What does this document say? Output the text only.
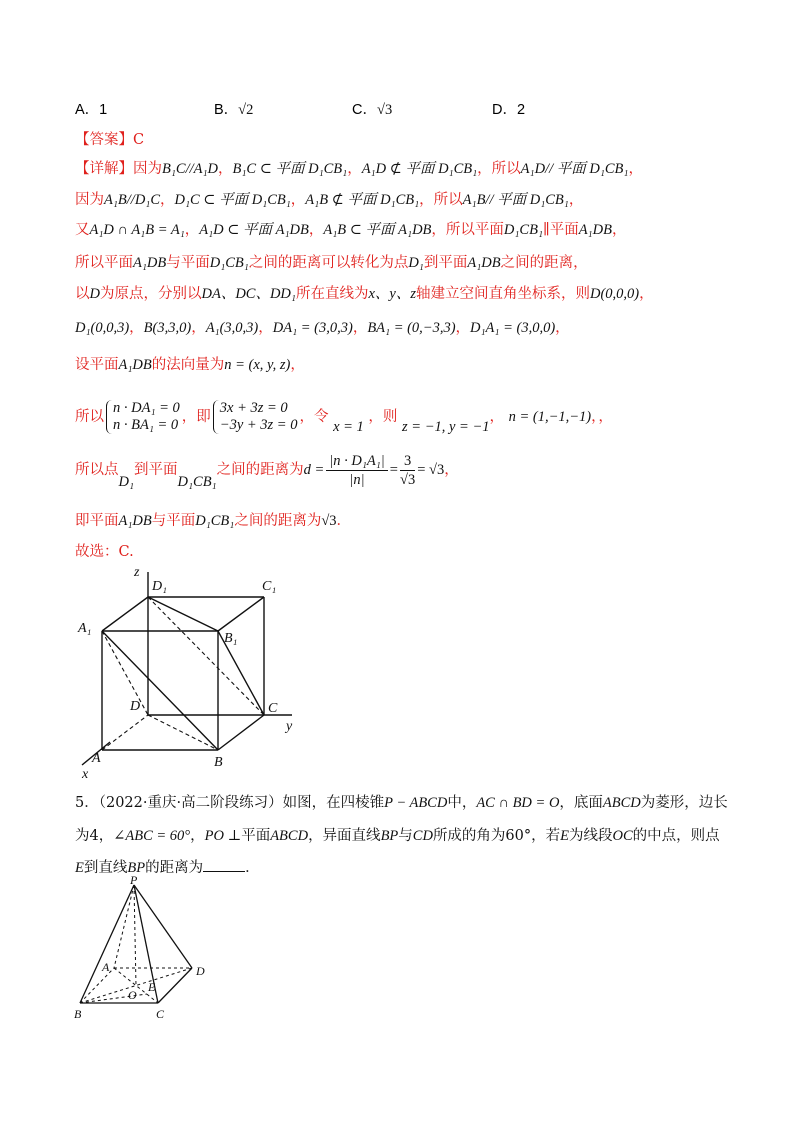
A．1	B．√2	C．√3	D．2
【答案】C
【详解】因为B₁C//A₁D，B₁C ⊂ 平面 D₁CB₁，A₁D ⊄ 平面 D₁CB₁，所以A₁D// 平面 D₁CB₁，
因为A₁B//D₁C，D₁C ⊂ 平面 D₁CB₁，A₁B ⊄ 平面 D₁CB₁，所以A₁B// 平面 D₁CB₁，
又A₁D ∩ A₁B = A₁，A₁D ⊂ 平面 A₁DB，A₁B ⊂ 平面 A₁DB，所以平面D₁CB₁∥平面A₁DB，
所以平面A₁DB与平面D₁CB₁之间的距离可以转化为点D₁到平面A₁DB之间的距离，
以D为原点，分别以DA、DC、DD₁所在直线为x、y、z轴建立空间直角坐标系，则D(0,0,0)，
D₁(0,0,3)，B(3,3,0)，A₁(3,0,3)，DA₁ = (3,0,3)，BA₁ = (0,−3,3)，D₁A₁ = (3,0,0)，
设平面A₁DB的法向量为n = (x, y, z)，
所以
n · DA₁ = 0
n · BA₁ = 0 ，即
3x + 3z = 0
−3y + 3z = 0 ，令 x = 1 ，则 z = −1, y = −1， n = (1,−1,−1)，，
所以点D₁到平面D₁CB₁之间的距离为$d = \frac{\text{|n · D₁A₁|}}{|n|} = \frac{3}{√3} = √3$，
即平面A₁DB与平面D₁CB₁之间的距离为√3．
故选：C.
z
D₁	C₁
A₁
B₁
D	C
y
A	B
x
5．（2022·重庆·高二阶段练习）如图，在四棱锥P − ABCD中，AC ∩ BD = O，底面ABCD为菱形，边长
为4，∠ABC = 60°，PO ⊥平面ABCD，异面直线BP与CD所成的角为60°，若E为线段OC的中点，则点
E到直线BP的距离为	．
P
A	D
O
E
B	C
